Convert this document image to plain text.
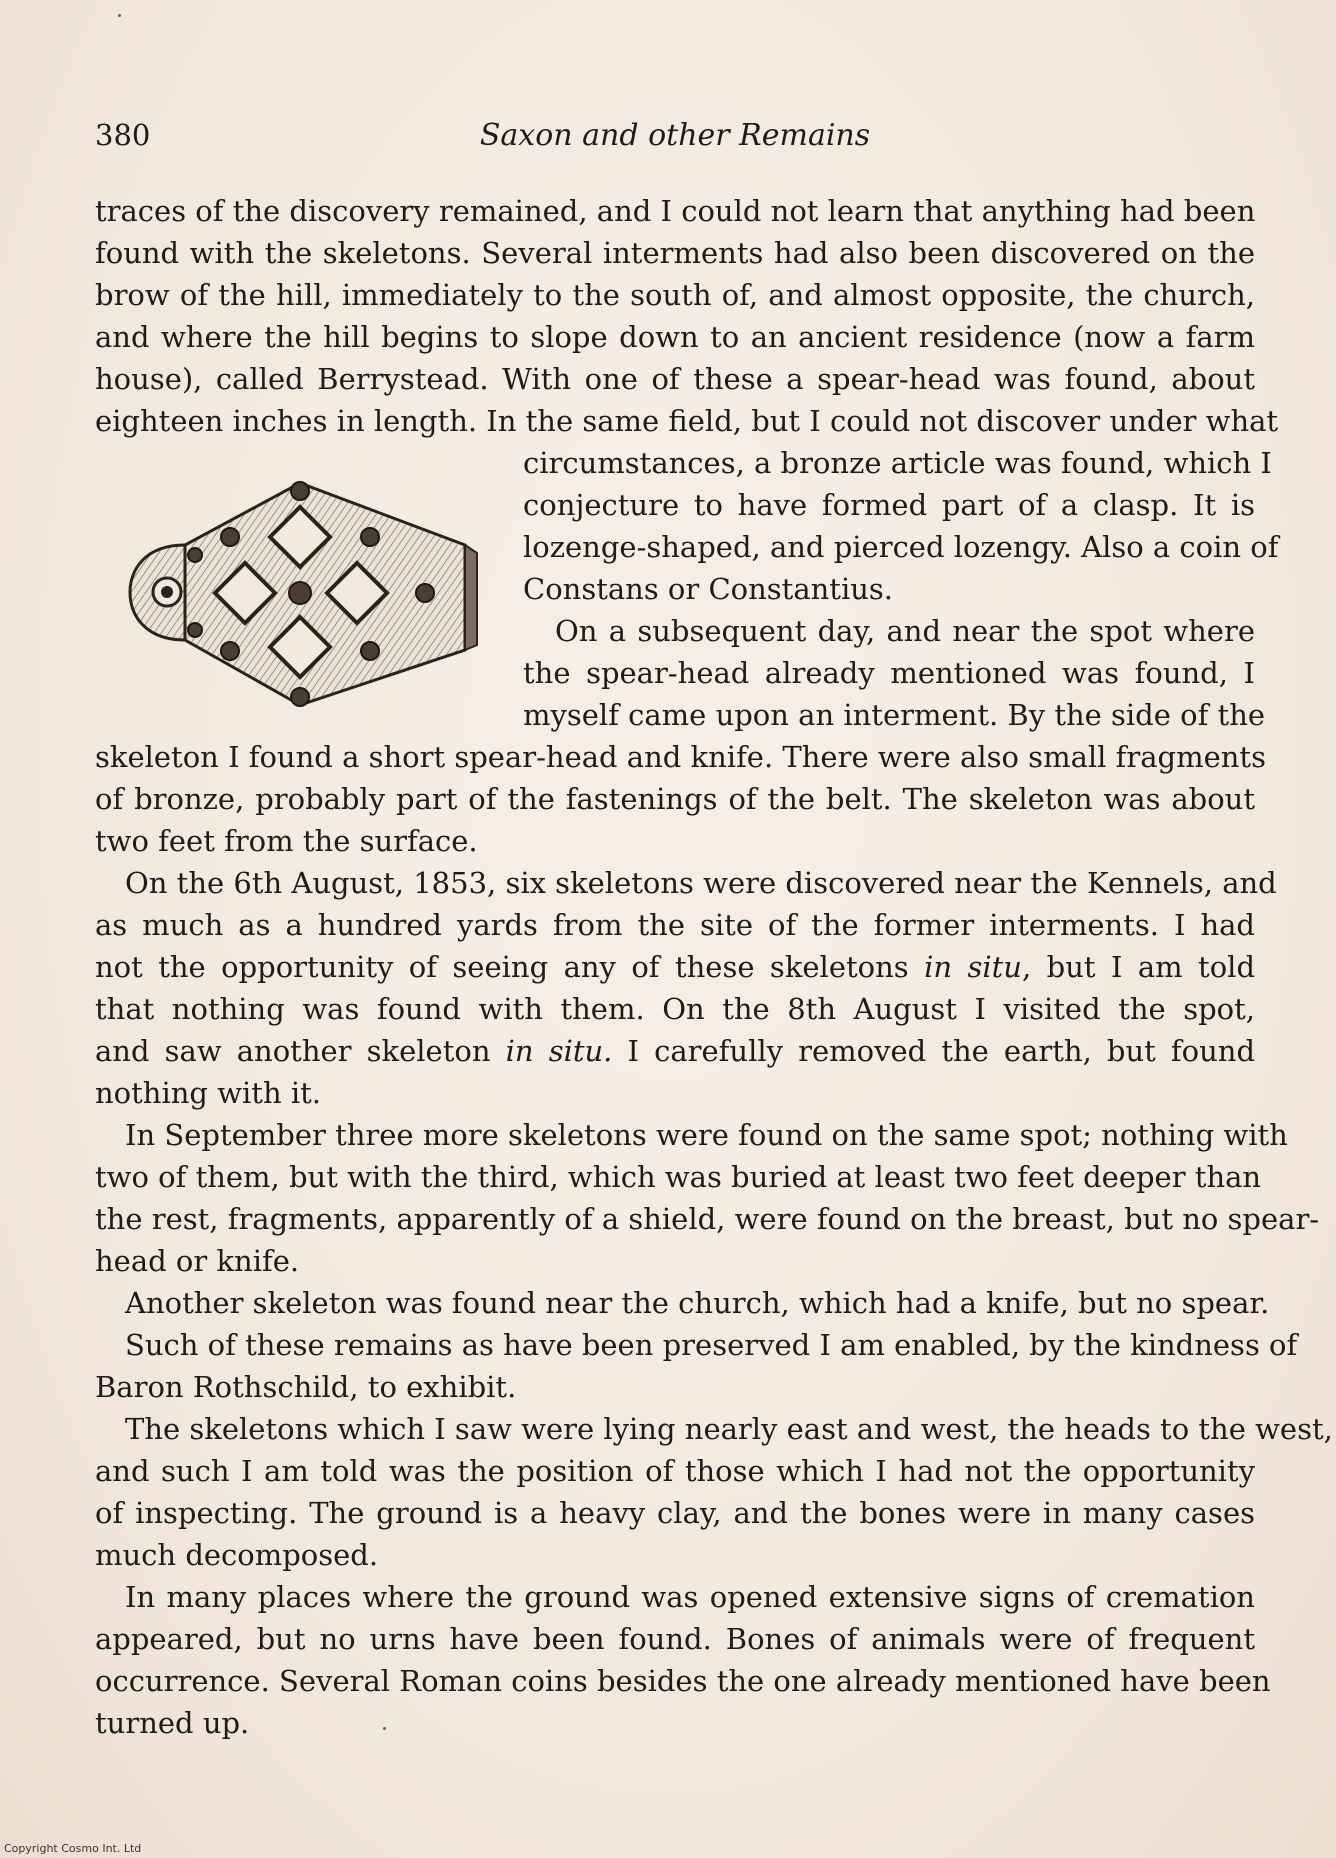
Saxon and other Remains
380
traces of the discovery remained, and I could not learn that anything had been
found with the skeletons. Several interments had also been discovered on the
brow of the hill, immediately to the south of, and almost opposite, the church,
and where the hill begins to slope down to an ancient residence (now a farm
house), called Berrystead. With one of these a spear-head was found, about
eighteen inches in length. In the same field, but I could not discover under what
circumstances, a bronze article was found, which I
conjecture to have formed part of a clasp. It is
lozenge-shaped, and pierced lozengy. Also a coin of
Constans or Constantius.
On a subsequent day, and near the spot where
the spear-head already mentioned was found, I
myself came upon an interment. By the side of the
skeleton I found a short spear-head and knife. There were also small fragments
of bronze, probably part of the fastenings of the belt. The skeleton was about
two feet from the surface.
On the 6th August, 1853, six skeletons were discovered near the Kennels, and
as much as a hundred yards from the site of the former interments. I had
not the opportunity of seeing any of these skeletons in situ, but I am told
that nothing was found with them. On the 8th August I visited the spot,
and saw another skeleton in situ. I carefully removed the earth, but found
nothing with it.
In September three more skeletons were found on the same spot; nothing with
two of them, but with the third, which was buried at least two feet deeper than
the rest, fragments, apparently of a shield, were found on the breast, but no spear-
head or knife.
Another skeleton was found near the church, which had a knife, but no spear.
Such of these remains as have been preserved I am enabled, by the kindness of
Baron Rothschild, to exhibit.
The skeletons which I saw were lying nearly east and west, the heads to the west,
and such I am told was the position of those which I had not the opportunity
of inspecting. The ground is a heavy clay, and the bones were in many cases
much decomposed.
In many places where the ground was opened extensive signs of cremation
appeared, but no urns have been found. Bones of animals were of frequent
occurrence. Several Roman coins besides the one already mentioned have been
turned up.
Copyright Cosmo Int. Ltd
